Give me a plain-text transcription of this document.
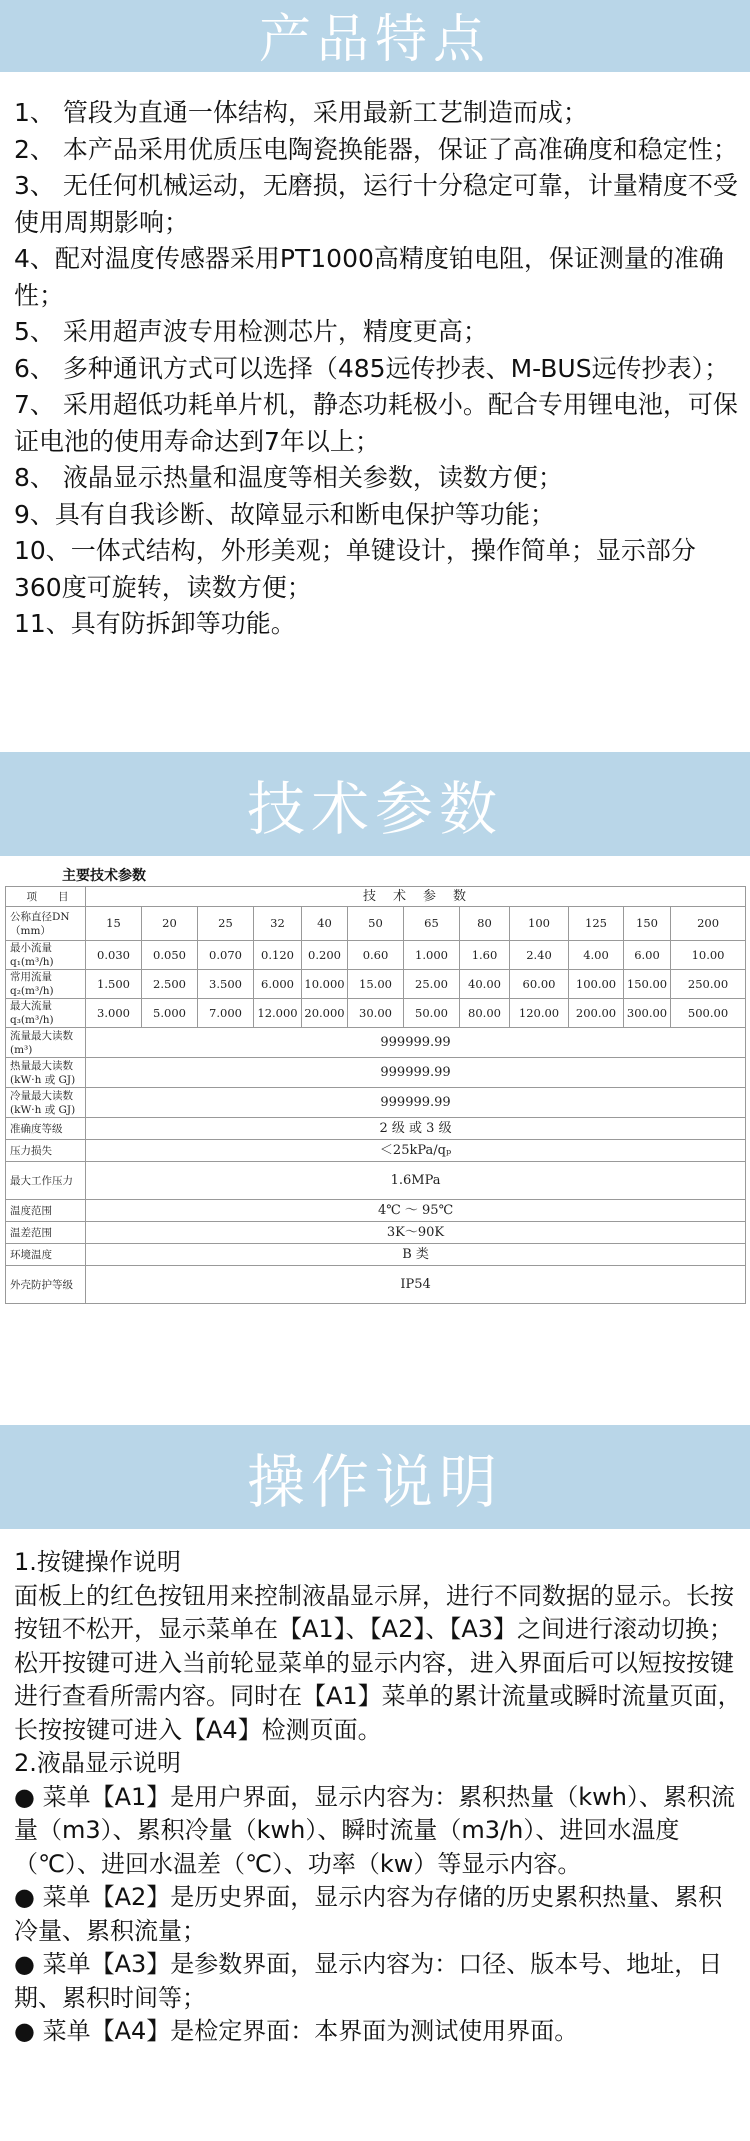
产品特点

1、 管段为直通一体结构，采用最新工艺制造而成；

2、 本产品采用优质压电陶瓷换能器，保证了高准确度和稳定性；

3、 无任何机械运动，无磨损，运行十分稳定可靠，计量精度不受使用周期影响；

4、配对温度传感器采用PT1000高精度铂电阻，保证测量的准确性；

5、 采用超声波专用检测芯片，精度更高；

6、 多种通讯方式可以选择（485远传抄表、M-BUS远传抄表）；

7、 采用超低功耗单片机，静态功耗极小。配合专用锂电池，可保证电池的使用寿命达到7年以上；

8、 液晶显示热量和温度等相关参数，读数方便；

9、具有自我诊断、故障显示和断电保护等功能；

10、一体式结构，外形美观；单键设计，操作简单；显示部分360度可旋转，读数方便；

11、具有防拆卸等功能。

技术参数
主要技术参数
项　　目	技　术　参　数											
公称直径DN（mm）	15	20	25	32	40	50	65	80	100	125	150	200
最小流量 q₁(m³/h)	0.030	0.050	0.070	0.120	0.200	0.60	1.000	1.60	2.40	4.00	6.00	10.00
常用流量 q₂(m³/h)	1.500	2.500	3.500	6.000	10.000	15.00	25.00	40.00	60.00	100.00	150.00	250.00
最大流量 q₃(m³/h)	3.000	5.000	7.000	12.000	20.000	30.00	50.00	80.00	120.00	200.00	300.00	500.00
流量最大读数(m³)	999999.99											
热量最大读数(kW·h 或 GJ)	999999.99											
冷量最大读数(kW·h 或 GJ)	999999.99											
准确度等级	2 级 或 3 级											
压力损失	＜25kPa/qₚ											
最大工作压力	1.6MPa											
温度范围	4℃ ～ 95℃											
温差范围	3K～90K											
环境温度	B 类											
外壳防护等级	IP54											
操作说明

1.按键操作说明

面板上的红色按钮用来控制液晶显示屏，进行不同数据的显示。长按按钮不松开，显示菜单在【A1】、【A2】、【A3】之间进行滚动切换；松开按键可进入当前轮显菜单的显示内容，进入界面后可以短按按键进行查看所需内容。同时在【A1】菜单的累计流量或瞬时流量页面，长按按键可进入【A4】检测页面。

2.液晶显示说明

● 菜单【A1】是用户界面，显示内容为：累积热量（kwh）、累积流量（m3）、累积冷量（kwh）、瞬时流量（m3/h）、进回水温度（℃）、进回水温差（℃）、功率（kw）等显示内容。

● 菜单【A2】是历史界面，显示内容为存储的历史累积热量、累积冷量、累积流量；

● 菜单【A3】是参数界面，显示内容为：口径、版本号、地址，日期、累积时间等；

● 菜单【A4】是检定界面：本界面为测试使用界面。
